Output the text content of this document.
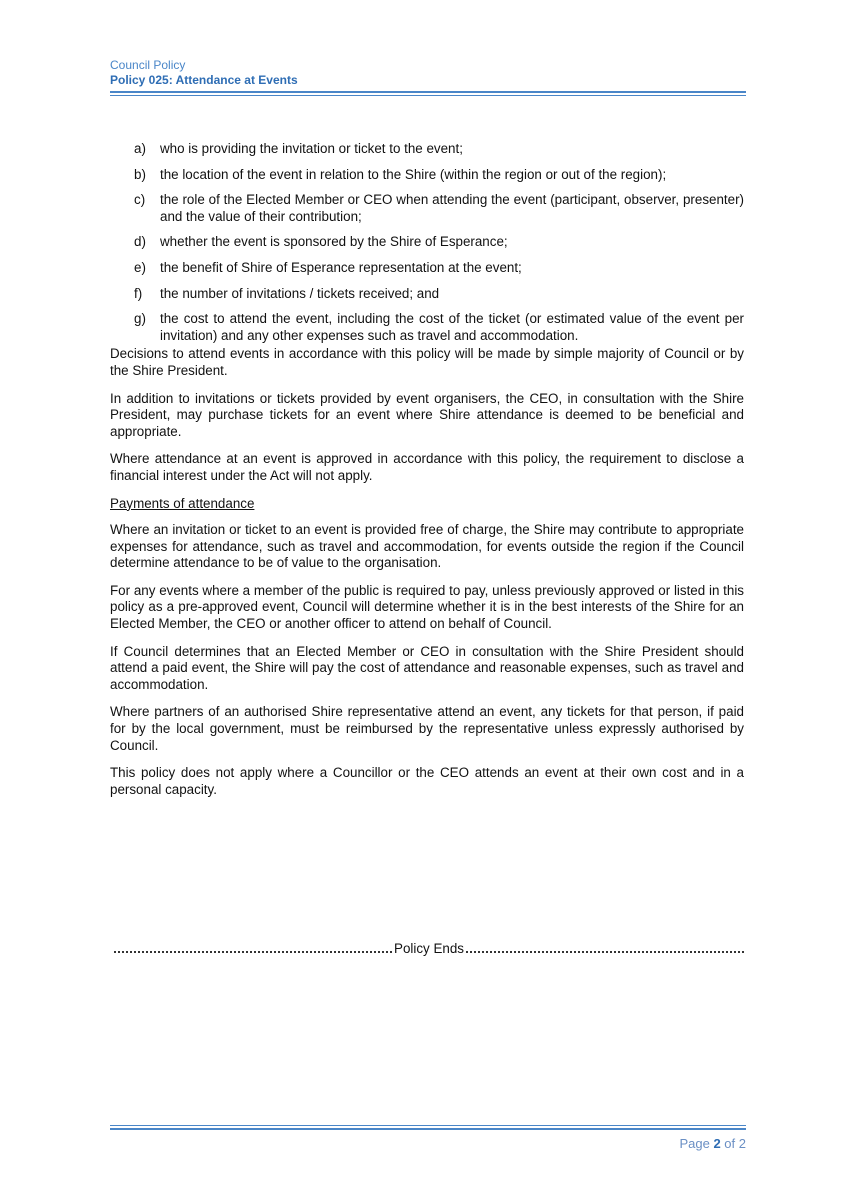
Council Policy
Policy 025: Attendance at Events
a) who is providing the invitation or ticket to the event;
b) the location of the event in relation to the Shire (within the region or out of the region);
c) the role of the Elected Member or CEO when attending the event (participant, observer, presenter) and the value of their contribution;
d) whether the event is sponsored by the Shire of Esperance;
e) the benefit of Shire of Esperance representation at the event;
f) the number of invitations / tickets received; and
g) the cost to attend the event, including the cost of the ticket (or estimated value of the event per invitation) and any other expenses such as travel and accommodation.

Decisions to attend events in accordance with this policy will be made by simple majority of Council or by the Shire President.

In addition to invitations or tickets provided by event organisers, the CEO, in consultation with the Shire President, may purchase tickets for an event where Shire attendance is deemed to be beneficial and appropriate.

Where attendance at an event is approved in accordance with this policy, the requirement to disclose a financial interest under the Act will not apply.

Payments of attendance

Where an invitation or ticket to an event is provided free of charge, the Shire may contribute to appropriate expenses for attendance, such as travel and accommodation, for events outside the region if the Council determine attendance to be of value to the organisation.

For any events where a member of the public is required to pay, unless previously approved or listed in this policy as a pre-approved event, Council will determine whether it is in the best interests of the Shire for an Elected Member, the CEO or another officer to attend on behalf of Council.

If Council determines that an Elected Member or CEO in consultation with the Shire President should attend a paid event, the Shire will pay the cost of attendance and reasonable expenses, such as travel and accommodation.

Where partners of an authorised Shire representative attend an event, any tickets for that person, if paid for by the local government, must be reimbursed by the representative unless expressly authorised by Council.

This policy does not apply where a Councillor or the CEO attends an event at their own cost and in a personal capacity.

Policy Ends
Page 2 of 2
